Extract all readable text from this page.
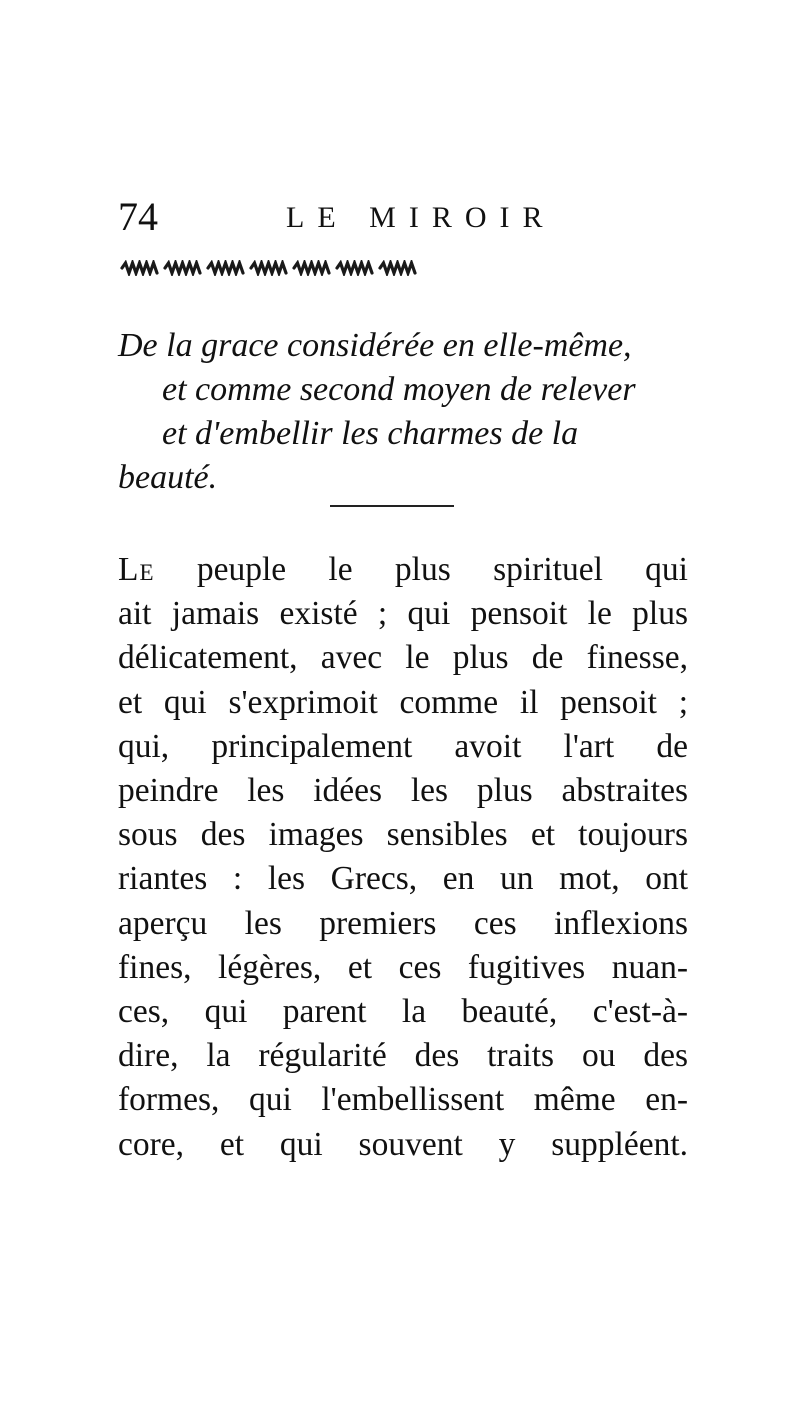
74	LE MIROIR
De la grace considérée en elle-même,
et comme second moyen de relever
et d'embellir les charmes de la
beauté.
Le peuple le plus spirituel qui
ait jamais existé ; qui pensoit le plus
délicatement, avec le plus de finesse,
et qui s'exprimoit comme il pensoit ;
qui, principalement avoit l'art de
peindre les idées les plus abstraites
sous des images sensibles et toujours
riantes : les Grecs, en un mot, ont
aperçu les premiers ces inflexions
fines, légères, et ces fugitives nuan-
ces, qui parent la beauté, c'est-à-
dire, la régularité des traits ou des
formes, qui l'embellissent même en-
core, et qui souvent y suppléent.
